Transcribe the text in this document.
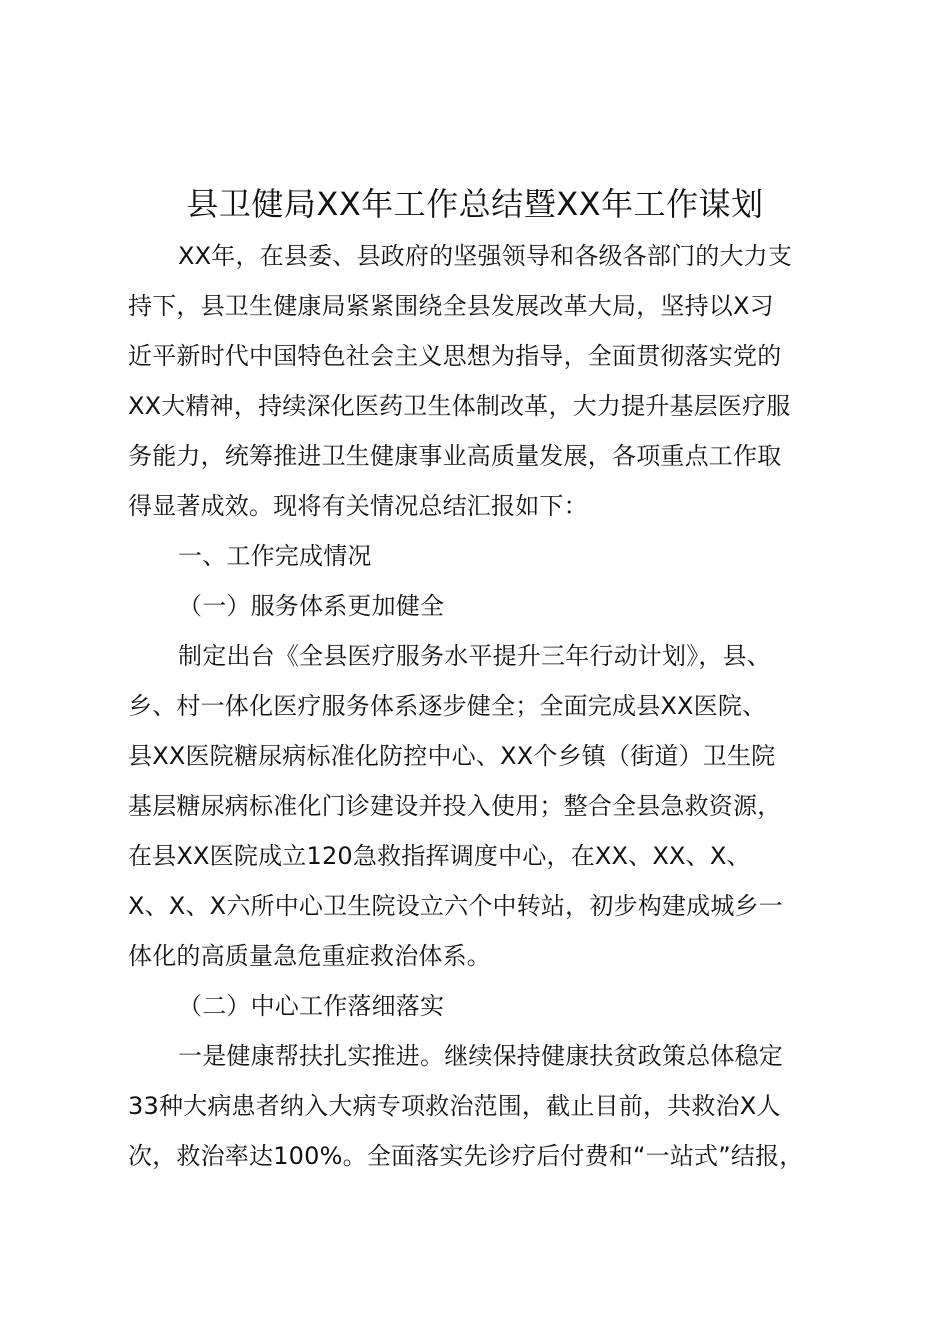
县卫健局XX年工作总结暨XX年工作谋划
XX年，在县委、县政府的坚强领导和各级各部门的大力支
持下，县卫生健康局紧紧围绕全县发展改革大局，坚持以X习
近平新时代中国特色社会主义思想为指导，全面贯彻落实党的
XX大精神，持续深化医药卫生体制改革，大力提升基层医疗服
务能力，统筹推进卫生健康事业高质量发展，各项重点工作取
得显著成效。现将有关情况总结汇报如下：
一、工作完成情况
（一）服务体系更加健全
制定出台《全县医疗服务水平提升三年行动计划》，县、
乡、村一体化医疗服务体系逐步健全；全面完成县XX医院、
县XX医院糖尿病标准化防控中心、XX个乡镇（街道）卫生院
基层糖尿病标准化门诊建设并投入使用；整合全县急救资源，
在县XX医院成立120急救指挥调度中心，在XX、XX、X、
X、X、X六所中心卫生院设立六个中转站，初步构建成城乡一
体化的高质量急危重症救治体系。
（二）中心工作落细落实
一是健康帮扶扎实推进。继续保持健康扶贫政策总体稳定
33种大病患者纳入大病专项救治范围，截止目前，共救治X人
次，救治率达100%。全面落实先诊疗后付费和“一站式”结报，
